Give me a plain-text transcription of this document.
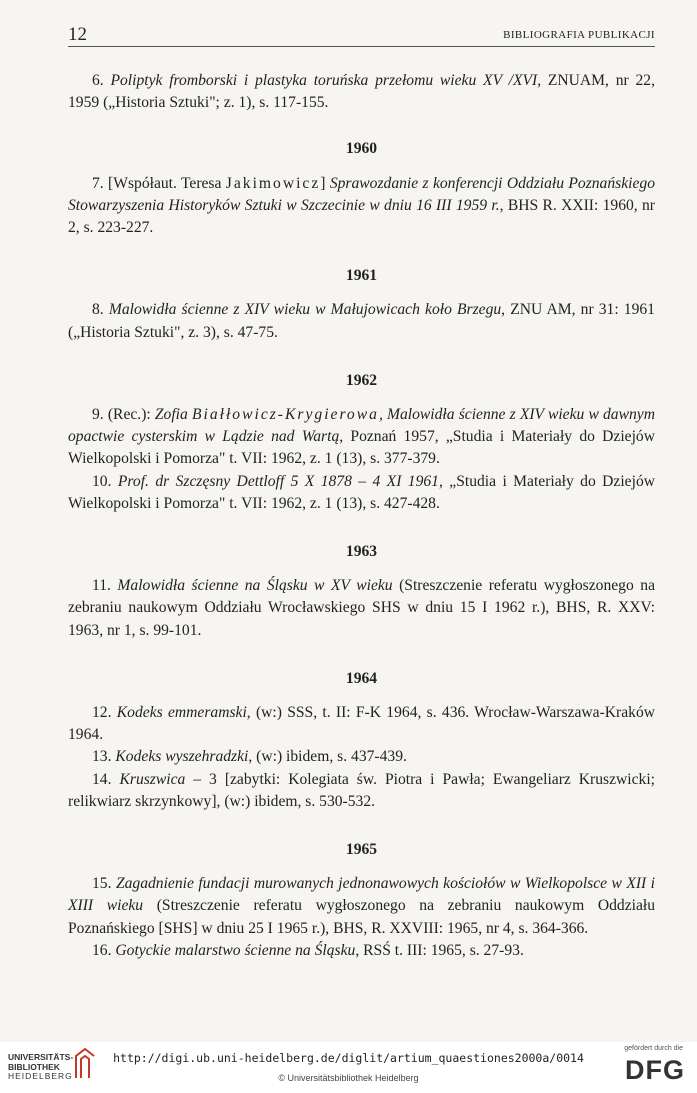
12	BIBLIOGRAFIA PUBLIKACJI

6. Poliptyk fromborski i plastyka toruńska przełomu wieku XV /XVI, ZNUAM, nr 22, 1959 („Historia Sztuki"; z. 1), s. 117-155.

1960

7. [Współaut. Teresa Jakimowicz] Sprawozdanie z konferencji Oddziału Poznańskiego Stowarzyszenia Historyków Sztuki w Szczecinie w dniu 16 III 1959 r., BHS R. XXII: 1960, nr 2, s. 223-227.

1961

8. Malowidła ścienne z XIV wieku w Małujowicach koło Brzegu, ZNU AM, nr 31: 1961 („Historia Sztuki", z. 3), s. 47-75.

1962

9. (Rec.): Zofia Białłowicz-Krygierowa, Malowidła ścienne z XIV wieku w dawnym opactwie cysterskim w Lądzie nad Wartą, Poznań 1957, „Studia i Materiały do Dziejów Wielkopolski i Pomorza" t. VII: 1962, z. 1 (13), s. 377-379.

10. Prof. dr Szczęsny Dettloff 5 X 1878 – 4 XI 1961, „Studia i Materiały do Dziejów Wielkopolski i Pomorza" t. VII: 1962, z. 1 (13), s. 427-428.

1963

11. Malowidła ścienne na Śląsku w XV wieku (Streszczenie referatu wygłoszonego na zebraniu naukowym Oddziału Wrocławskiego SHS w dniu 15 I 1962 r.), BHS, R. XXV: 1963, nr 1, s. 99-101.

1964

12. Kodeks emmeramski, (w:) SSS, t. II: F-K 1964, s. 436. Wrocław-Warszawa-Kraków 1964.

13. Kodeks wyszehradzki, (w:) ibidem, s. 437-439.

14. Kruszwica – 3 [zabytki: Kolegiata św. Piotra i Pawła; Ewangeliarz Kruszwicki; relikwiarz skrzynkowy], (w:) ibidem, s. 530-532.

1965

15. Zagadnienie fundacji murowanych jednonawowych kościołów w Wielkopolsce w XII i XIII wieku (Streszczenie referatu wygłoszonego na zebraniu naukowym Oddziału Poznańskiego [SHS] w dniu 25 I 1965 r.), BHS, R. XXVIII: 1965, nr 4, s. 364-366.

16. Gotyckie malarstwo ścienne na Śląsku, RSŚ t. III: 1965, s. 27-93.

UNIVERSITÄTS-
BIBLIOTHEK
HEIDELBERG
http://digi.ub.uni-heidelberg.de/diglit/artium_quaestiones2000a/0014
© Universitätsbibliothek Heidelberg
gefördert durch die
DFG
